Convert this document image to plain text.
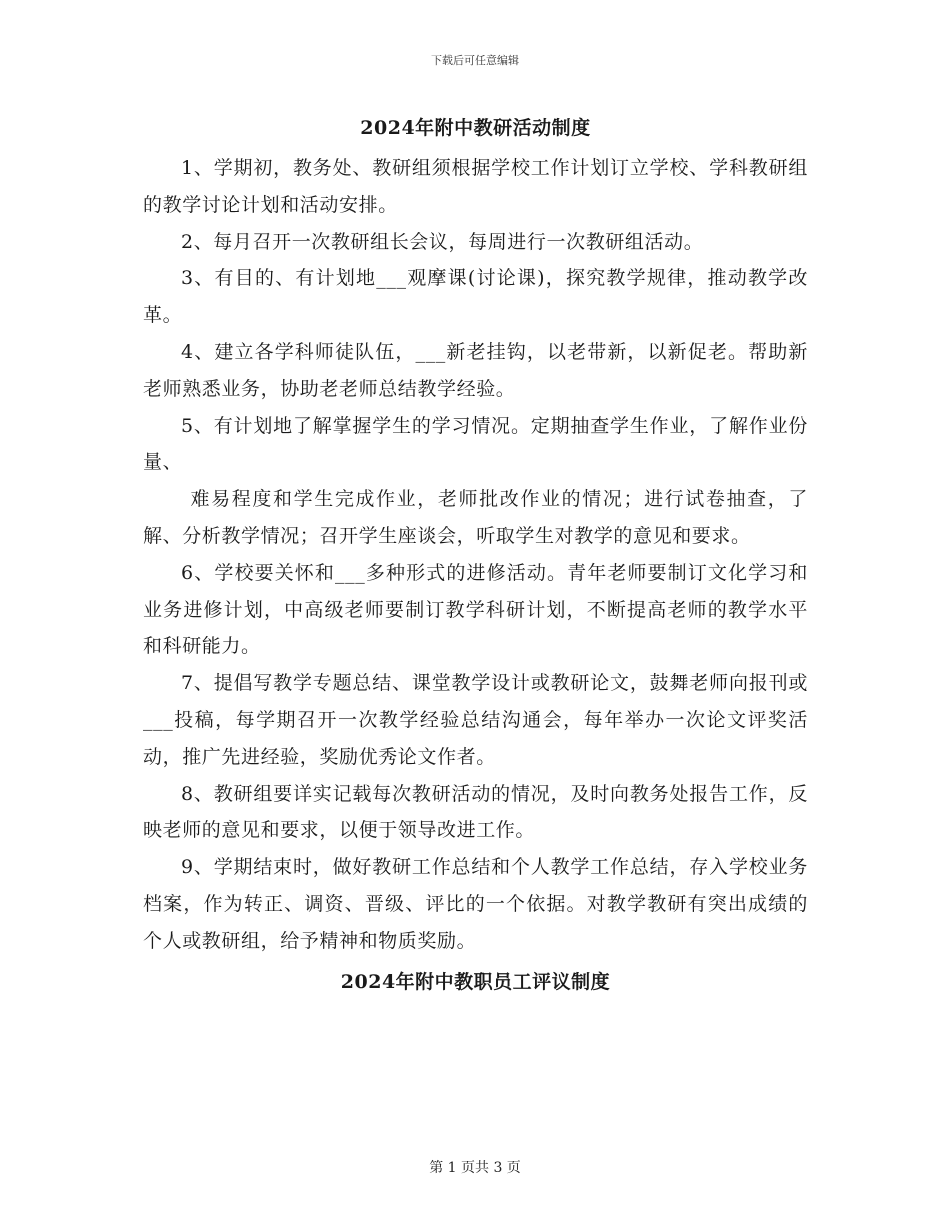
下载后可任意编辑
2024年附中教研活动制度

1、学期初，教务处、教研组须根据学校工作计划订立学校、学科教研组的教学讨论计划和活动安排。

2、每月召开一次教研组长会议，每周进行一次教研组活动。

3、有目的、有计划地___观摩课(讨论课)，探究教学规律，推动教学改革。

4、建立各学科师徒队伍，___新老挂钩，以老带新，以新促老。帮助新老师熟悉业务，协助老老师总结教学经验。

5、有计划地了解掌握学生的学习情况。定期抽查学生作业，了解作业份量、

难易程度和学生完成作业，老师批改作业的情况；进行试卷抽查，了解、分析教学情况；召开学生座谈会，听取学生对教学的意见和要求。

6、学校要关怀和___多种形式的进修活动。青年老师要制订文化学习和业务进修计划，中高级老师要制订教学科研计划，不断提高老师的教学水平和科研能力。

7、提倡写教学专题总结、课堂教学设计或教研论文，鼓舞老师向报刊或___投稿，每学期召开一次教学经验总结沟通会，每年举办一次论文评奖活动，推广先进经验，奖励优秀论文作者。

8、教研组要详实记载每次教研活动的情况，及时向教务处报告工作，反映老师的意见和要求，以便于领导改进工作。

9、学期结束时，做好教研工作总结和个人教学工作总结，存入学校业务档案，作为转正、调资、晋级、评比的一个依据。对教学教研有突出成绩的个人或教研组，给予精神和物质奖励。

2024年附中教职员工评议制度
第 1 页共 3 页
